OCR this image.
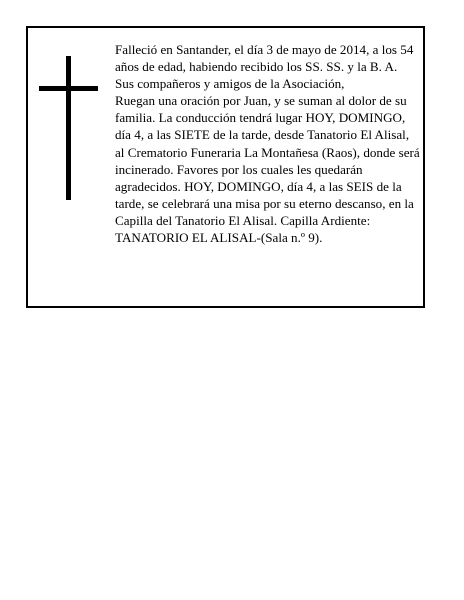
Falleció en Santander, el día 3 de mayo de 2014, a los 54 años de edad, habiendo recibido los SS. SS. y la B. A.

Sus compañeros y amigos de la Asociación,

Ruegan una oración por Juan, y se suman al dolor de su familia. La conducción tendrá lugar HOY, DOMINGO, día 4, a las SIETE de la tarde, desde Tanatorio El Alisal, al Crematorio Funeraria La Montañesa (Raos), donde será incinerado. Favores por los cuales les quedarán agradecidos. HOY, DOMINGO, día 4, a las SEIS de la tarde, se celebrará una misa por su eterno descanso, en la Capilla del Tanatorio El Alisal. Capilla Ardiente: TANATORIO EL ALISAL-(Sala n.º 9).
